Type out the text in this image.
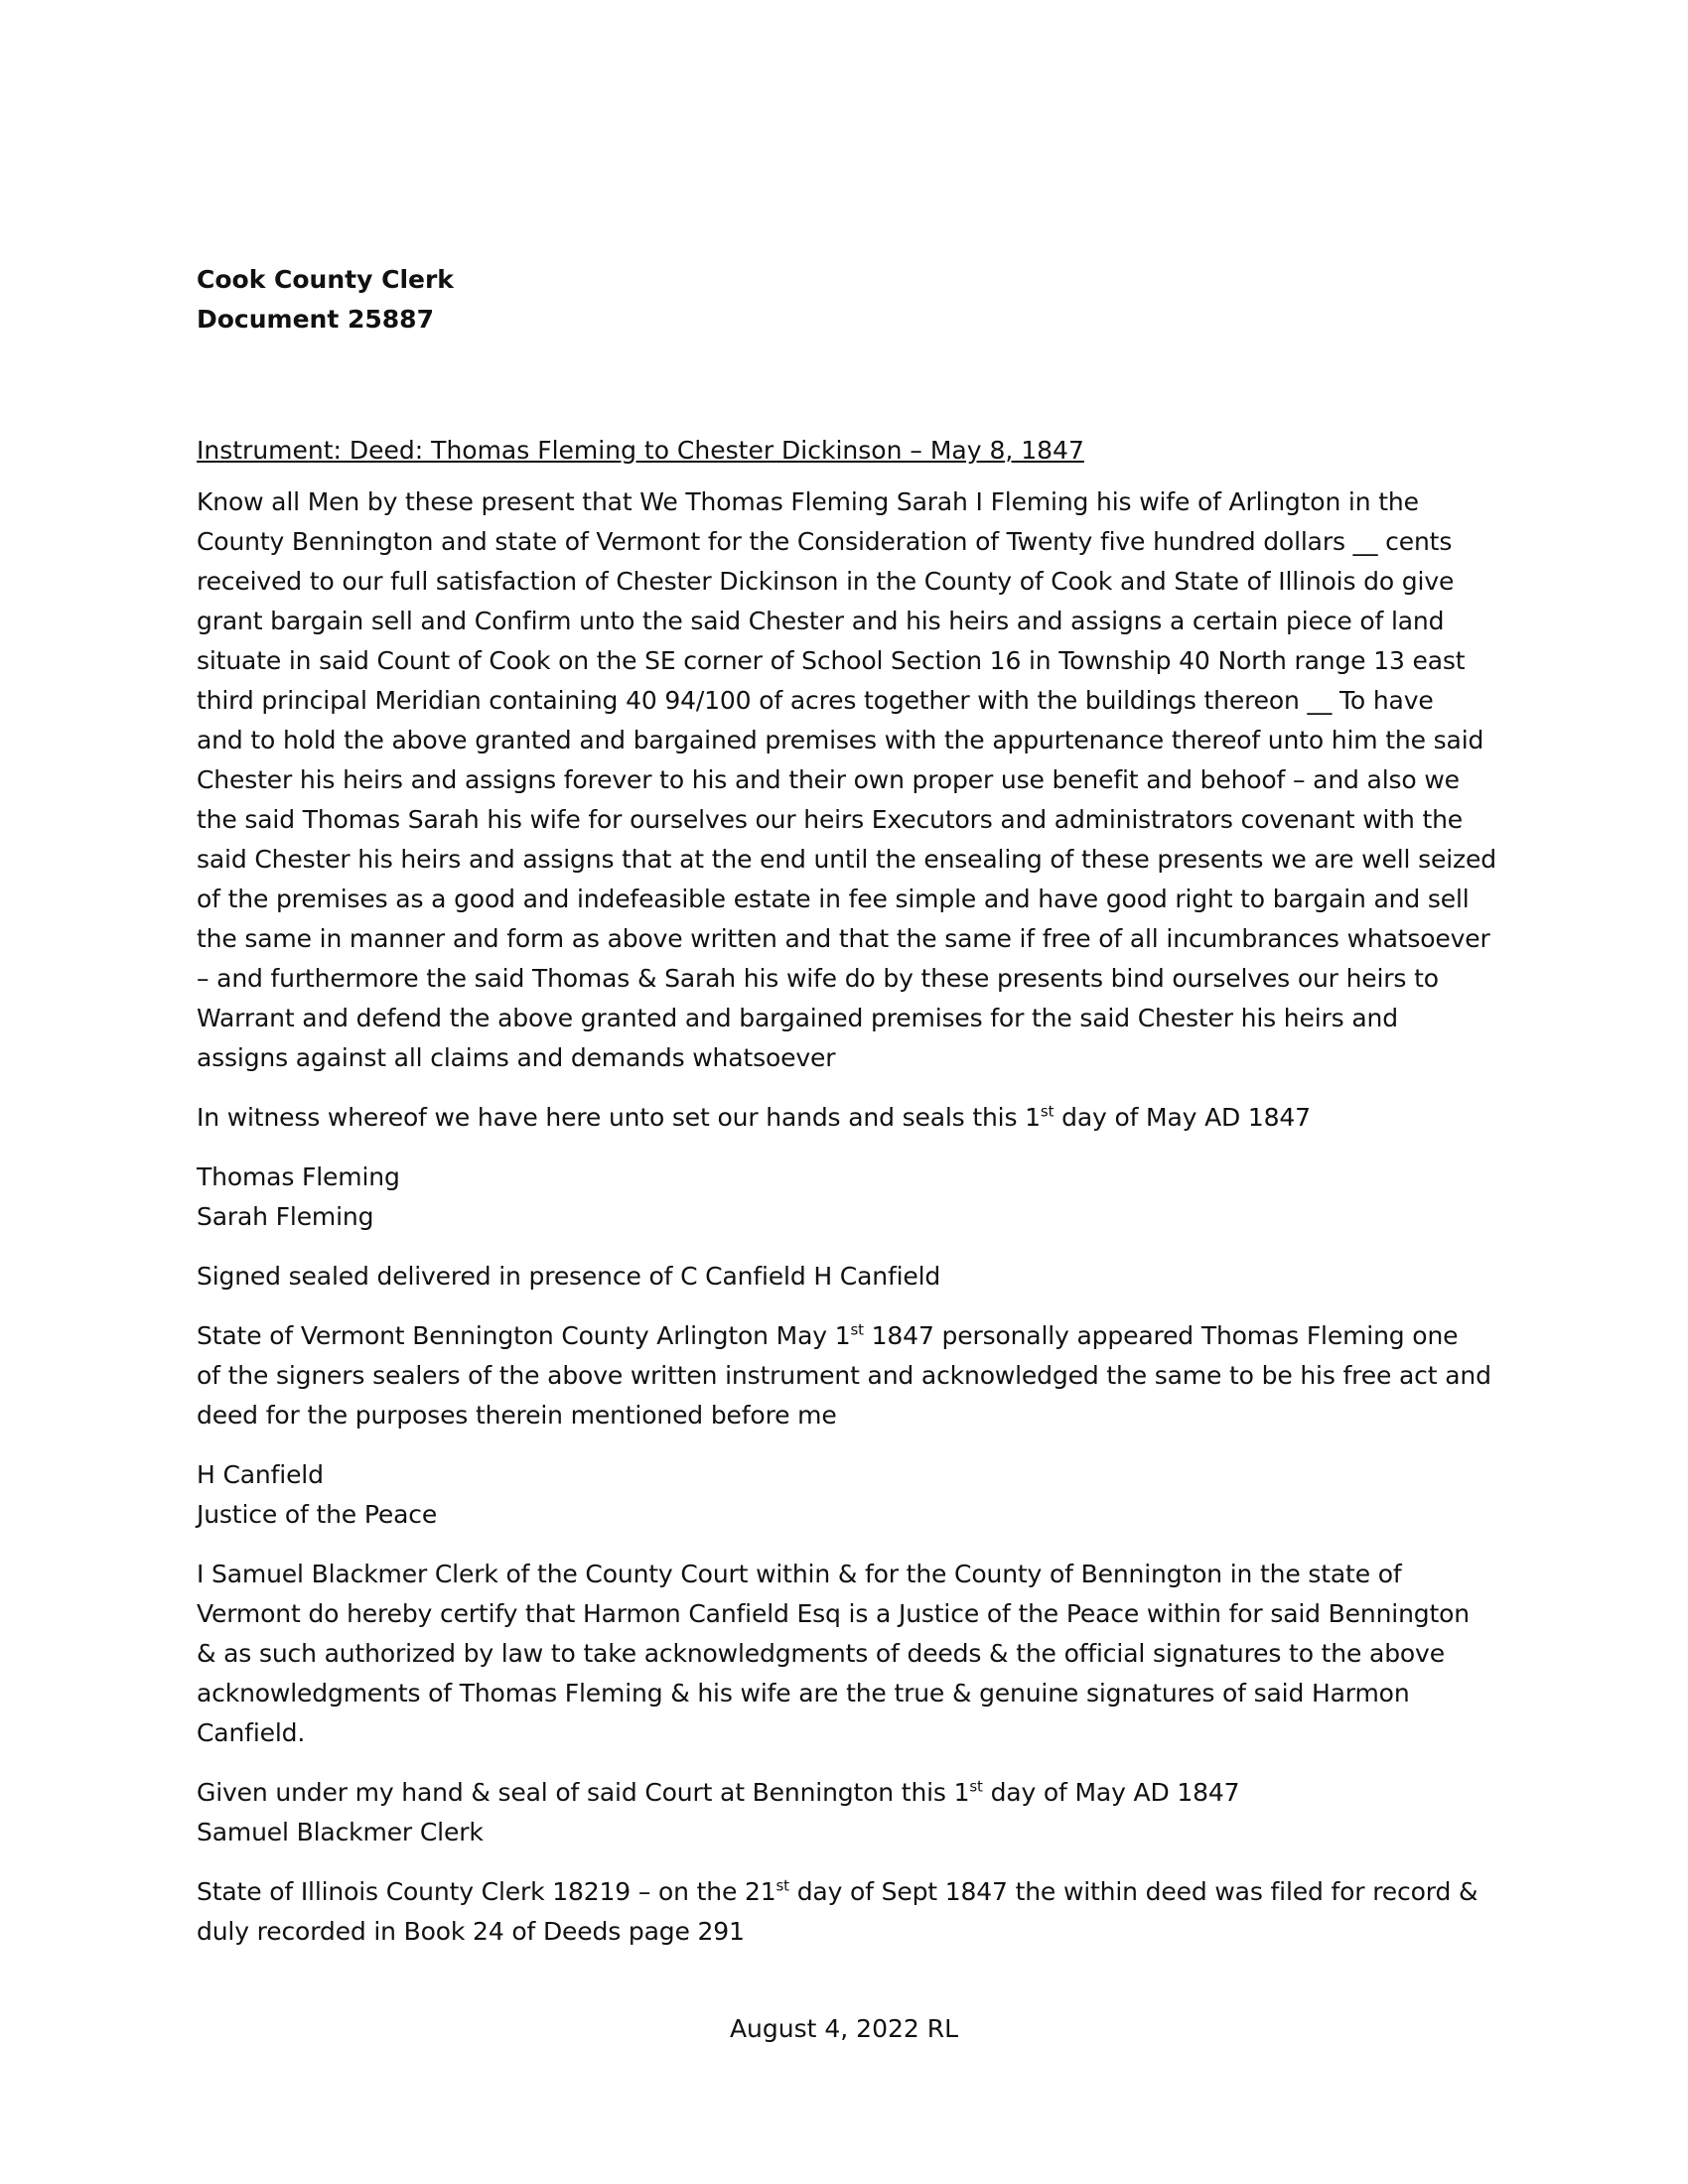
Cook County Clerk
Document 25887
Instrument: Deed: Thomas Fleming to Chester Dickinson – May 8, 1847

Know all Men by these present that We Thomas Fleming Sarah I Fleming his wife of Arlington in the
County Bennington and state of Vermont for the Consideration of Twenty five hundred dollars __ cents
received to our full satisfaction of Chester Dickinson in the County of Cook and State of Illinois do give
grant bargain sell and Confirm unto the said Chester and his heirs and assigns a certain piece of land
situate in said Count of Cook on the SE corner of School Section 16 in Township 40 North range 13 east
third principal Meridian containing 40 94/100 of acres together with the buildings thereon __ To have
and to hold the above granted and bargained premises with the appurtenance thereof unto him the said
Chester his heirs and assigns forever to his and their own proper use benefit and behoof – and also we
the said Thomas Sarah his wife for ourselves our heirs Executors and administrators covenant with the
said Chester his heirs and assigns that at the end until the ensealing of these presents we are well seized
of the premises as a good and indefeasible estate in fee simple and have good right to bargain and sell
the same in manner and form as above written and that the same if free of all incumbrances whatsoever
– and furthermore the said Thomas & Sarah his wife do by these presents bind ourselves our heirs to
Warrant and defend the above granted and bargained premises for the said Chester his heirs and
assigns against all claims and demands whatsoever

In witness whereof we have here unto set our hands and seals this 1st day of May AD 1847

Thomas Fleming
Sarah Fleming

Signed sealed delivered in presence of C Canfield H Canfield

State of Vermont Bennington County Arlington May 1st 1847 personally appeared Thomas Fleming one
of the signers sealers of the above written instrument and acknowledged the same to be his free act and
deed for the purposes therein mentioned before me

H Canfield
Justice of the Peace

I Samuel Blackmer Clerk of the County Court within & for the County of Bennington in the state of
Vermont do hereby certify that Harmon Canfield Esq is a Justice of the Peace within for said Bennington
& as such authorized by law to take acknowledgments of deeds & the official signatures to the above
acknowledgments of Thomas Fleming & his wife are the true & genuine signatures of said Harmon
Canfield.

Given under my hand & seal of said Court at Bennington this 1st day of May AD 1847
Samuel Blackmer Clerk

State of Illinois County Clerk 18219 – on the 21st day of Sept 1847 the within deed was filed for record &
duly recorded in Book 24 of Deeds page 291

August 4, 2022 RL
